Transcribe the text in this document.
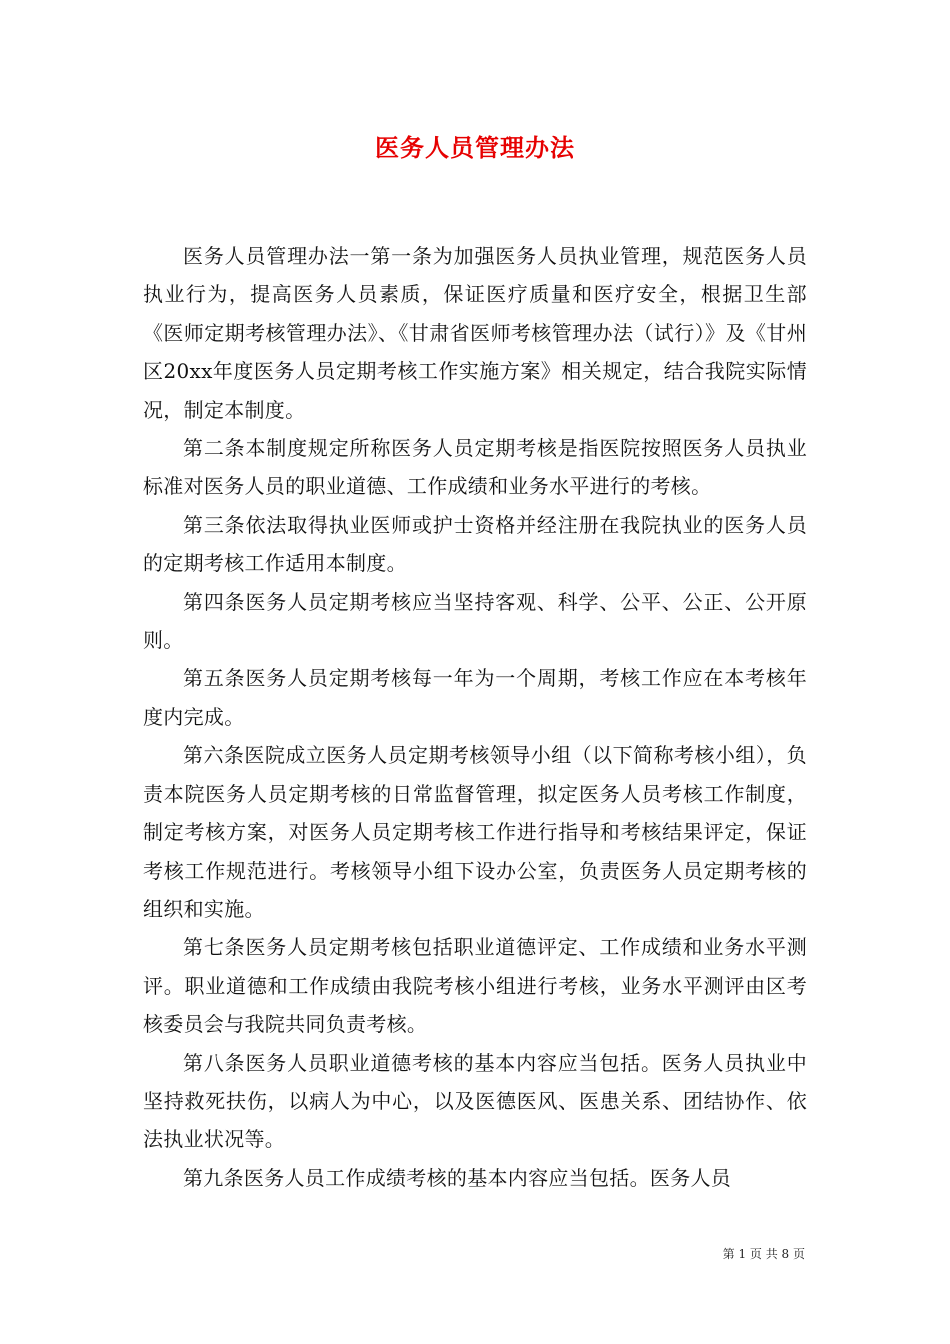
医务人员管理办法

医务人员管理办法一第一条为加强医务人员执业管理，规范医务人员执业行为，提高医务人员素质，保证医疗质量和医疗安全，根据卫生部《医师定期考核管理办法》、《甘肃省医师考核管理办法（试行）》及《甘州区20xx年度医务人员定期考核工作实施方案》相关规定，结合我院实际情况，制定本制度。

第二条本制度规定所称医务人员定期考核是指医院按照医务人员执业标准对医务人员的职业道德、工作成绩和业务水平进行的考核。

第三条依法取得执业医师或护士资格并经注册在我院执业的医务人员的定期考核工作适用本制度。

第四条医务人员定期考核应当坚持客观、科学、公平、公正、公开原则。

第五条医务人员定期考核每一年为一个周期，考核工作应在本考核年度内完成。

第六条医院成立医务人员定期考核领导小组（以下简称考核小组），负责本院医务人员定期考核的日常监督管理，拟定医务人员考核工作制度，制定考核方案，对医务人员定期考核工作进行指导和考核结果评定，保证考核工作规范进行。考核领导小组下设办公室，负责医务人员定期考核的组织和实施。

第七条医务人员定期考核包括职业道德评定、工作成绩和业务水平测评。职业道德和工作成绩由我院考核小组进行考核，业务水平测评由区考核委员会与我院共同负责考核。

第八条医务人员职业道德考核的基本内容应当包括。医务人员执业中坚持救死扶伤，以病人为中心，以及医德医风、医患关系、团结协作、依法执业状况等。

第九条医务人员工作成绩考核的基本内容应当包括。医务人员

第 1 页 共 8 页
